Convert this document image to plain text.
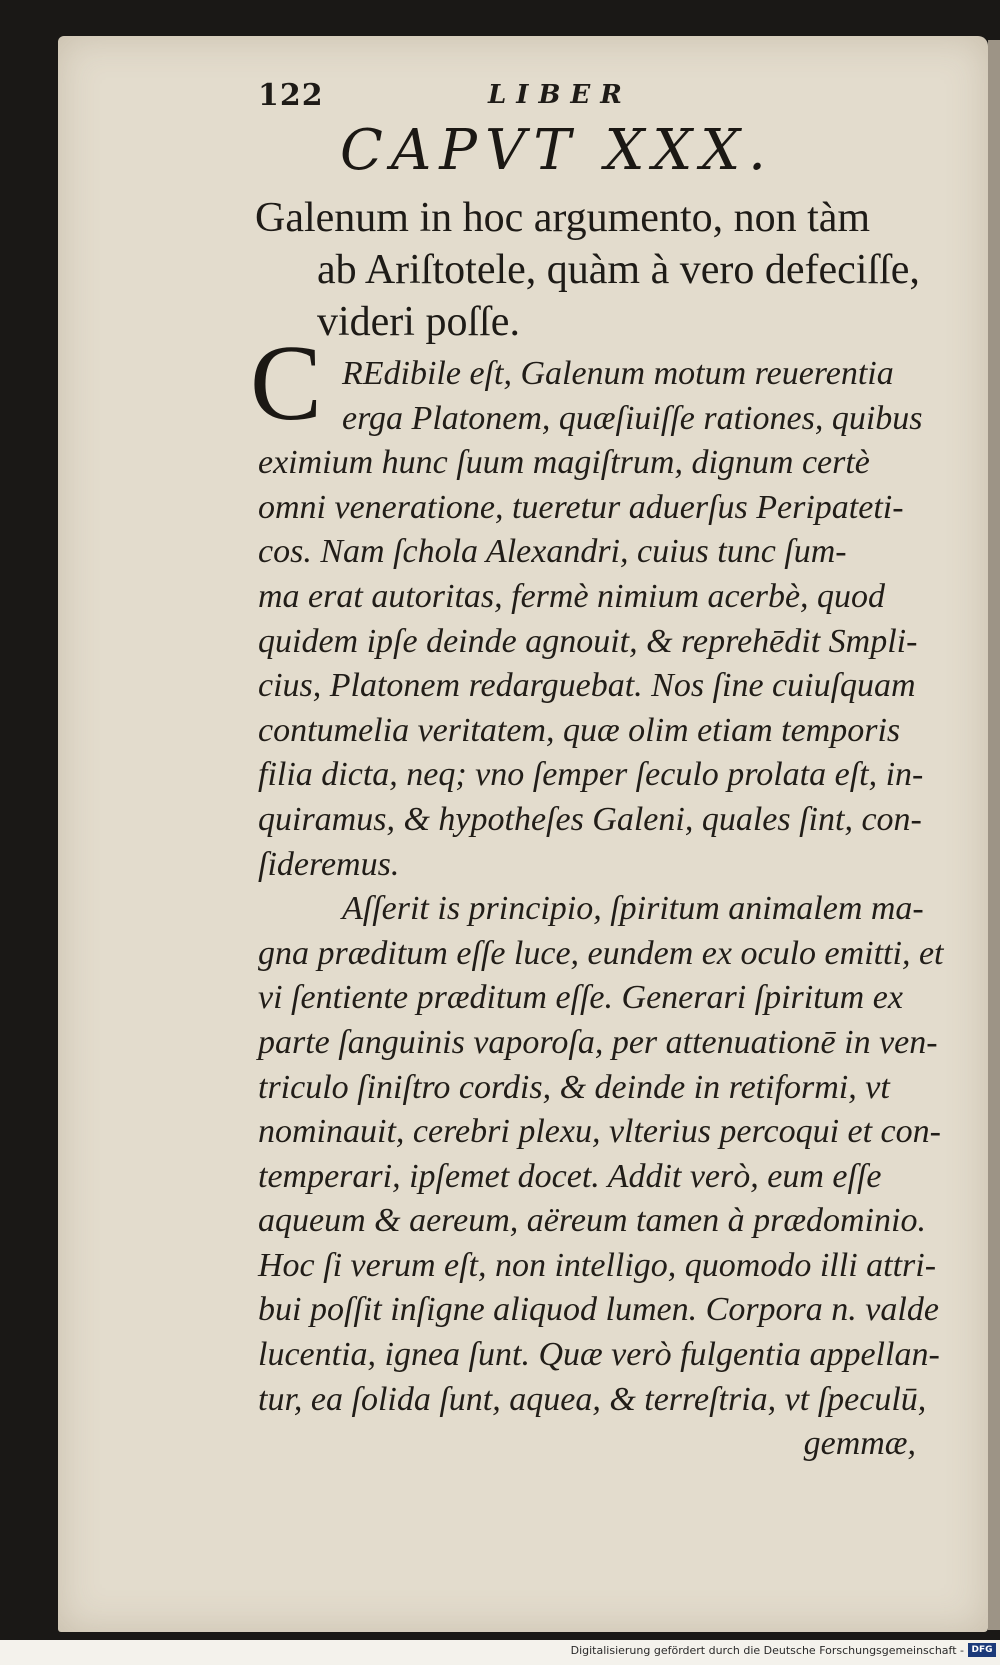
122	LIBER
CAPVT XXX.
Galenum in hoc argumento, non tàm
ab Ariſtotele, quàm à vero defeciſſe,
videri poſſe.
C REdibile eſt, Galenum motum reuerentia
erga Platonem, quæſiuiſſe rationes, quibus
eximium hunc ſuum magiſtrum, dignum certè
omni veneratione, tueretur aduerſus Peripateti-
cos. Nam ſchola Alexandri, cuius tunc ſum-
ma erat autoritas, fermè nimium acerbè, quod
quidem ipſe deinde agnouit, & reprehēdit Smpli-
cius, Platonem redarguebat. Nos ſine cuiuſquam
contumelia veritatem, quæ olim etiam temporis
filia dicta, neq; vno ſemper ſeculo prolata eſt, in-
quiramus, & hypotheſes Galeni, quales ſint, con-
ſideremus.
Aſſerit is principio, ſpiritum animalem ma-
gna præditum eſſe luce, eundem ex oculo emitti, et
vi ſentiente præditum eſſe. Generari ſpiritum ex
parte ſanguinis vaporoſa, per attenuationē in ven-
triculo ſiniſtro cordis, & deinde in retiformi, vt
nominauit, cerebri plexu, vlterius percoqui et con-
temperari, ipſemet docet. Addit verò, eum eſſe
aqueum & aereum, aëreum tamen à prædominio.
Hoc ſi verum eſt, non intelligo, quomodo illi attri-
bui poſſit inſigne aliquod lumen. Corpora n. valde
lucentia, ignea ſunt. Quæ verò fulgentia appellan-
tur, ea ſolida ſunt, aquea, & terreſtria, vt ſpeculū,
gemmæ,
Digitalisierung gefördert durch die Deutsche Forschungsgemeinschaft - DFG
